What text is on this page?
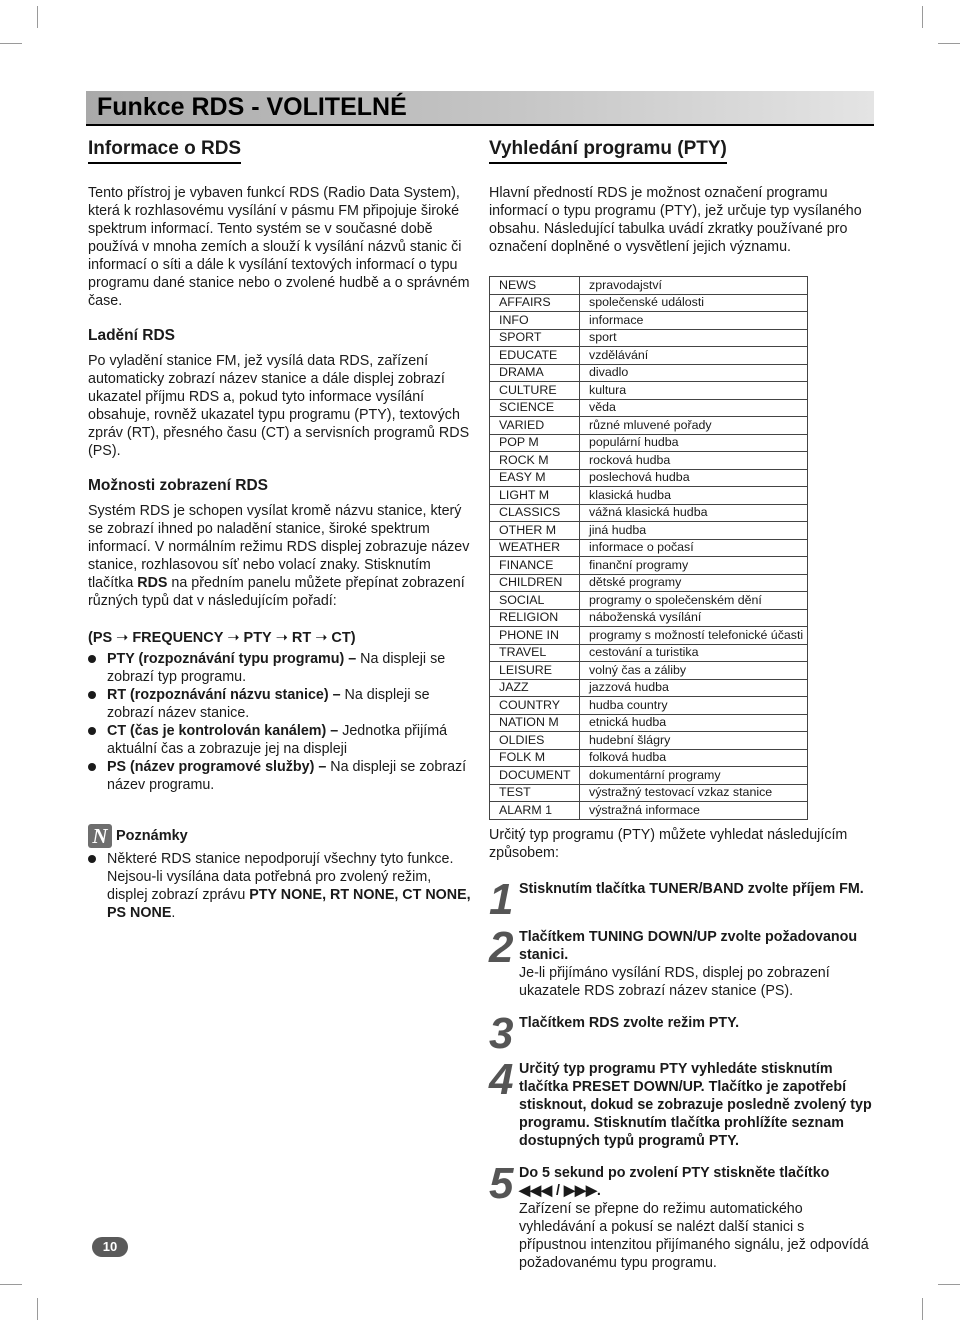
Funkce RDS - VOLITELNÉ
Informace o RDS

Tento přístroj je vybaven funkcí RDS (Radio Data System), která k rozhlasovému vysílání v pásmu FM připojuje široké spektrum informací. Tento systém se v současné době používá v mnoha zemích a slouží k vysílání názvů stanic či informací o síti a dále k vysílání textových informací o typu programu dané stanice nebo o zvolené hudbě a o správném čase.

Ladění RDS

Po vyladění stanice FM, jež vysílá data RDS, zařízení automaticky zobrazí název stanice a dále displej zobrazí ukazatel příjmu RDS a, pokud tyto informace vysílání obsahuje, rovněž ukazatel typu programu (PTY), textových zpráv (RT), přesného času (CT) a servisních programů RDS (PS).

Možnosti zobrazení RDS

Systém RDS je schopen vysílat kromě názvu stanice, který se zobrazí ihned po naladění stanice, široké spektrum informací. V normálním režimu RDS displej zobrazuje název stanice, rozhlasovou síť nebo volací znaky. Stisknutím tlačítka RDS na předním panelu můžete přepínat zobrazení různých typů dat v následujícím pořadí:

(PS ➝ FREQUENCY ➝ PTY ➝ RT ➝ CT)
PTY (rozpoznávání typu programu) – Na displeji se zobrazí typ programu.
RT (rozpoznávání názvu stanice) – Na displeji se zobrazí název stanice.
CT (čas je kontrolován kanálem) – Jednotka přijímá aktuální čas a zobrazuje jej na displeji
PS (název programové služby) – Na displeji se zobrazí název programu.
N Poznámky
Některé RDS stanice nepodporují všechny tyto funkce. Nejsou-li vysílána data potřebná pro zvolený režim, displej zobrazí zprávu PTY NONE, RT NONE, CT NONE, PS NONE.
Vyhledání programu (PTY)

Hlavní předností RDS je možnost označení programu informací o typu programu (PTY), jež určuje typ vysílaného obsahu. Následující tabulka uvádí zkratky používané pro označení doplněné o vysvětlení jejich významu.

NEWS	zpravodajství
AFFAIRS	společenské události
INFO	informace
SPORT	sport
EDUCATE	vzdělávání
DRAMA	divadlo
CULTURE	kultura
SCIENCE	věda
VARIED	různé mluvené pořady
POP M	populární hudba
ROCK M	rocková hudba
EASY M	poslechová hudba
LIGHT M	klasická hudba
CLASSICS	vážná klasická hudba
OTHER M	jiná hudba
WEATHER	informace o počasí
FINANCE	finanční programy
CHILDREN	dětské programy
SOCIAL	programy o společenském dění
RELIGION	náboženská vysílání
PHONE IN	programy s možností telefonické účasti
TRAVEL	cestování a turistika
LEISURE	volný čas a záliby
JAZZ	jazzová hudba
COUNTRY	hudba country
NATION M	etnická hudba
OLDIES	hudební šlágry
FOLK M	folková hudba
DOCUMENT	dokumentární programy
TEST	výstražný testovací vzkaz stanice
ALARM 1	výstražná informace

Určitý typ programu (PTY) můžete vyhledat následujícím způsobem:

1 Stisknutím tlačítka TUNER/BAND zvolte příjem FM.
2 Tlačítkem TUNING DOWN/UP zvolte požadovanou stanici.
Je-li přijímáno vysílání RDS, displej po zobrazení ukazatele RDS zobrazí název stanice (PS).
3 Tlačítkem RDS zvolte režim PTY.
4 Určitý typ programu PTY vyhledáte stisknutím tlačítka PRESET DOWN/UP. Tlačítko je zapotřebí stisknout, dokud se zobrazuje posledně zvolený typ programu. Stisknutím tlačítka prohlížíte seznam dostupných typů programů PTY.
5 Do 5 sekund po zvolení PTY stiskněte tlačítko
◀◀◀ / ▶▶▶.
Zařízení se přepne do režimu automatického vyhledávání a pokusí se nalézt další stanici s přípustnou intenzitou přijímaného signálu, jež odpovídá požadovanému typu programu.
10
